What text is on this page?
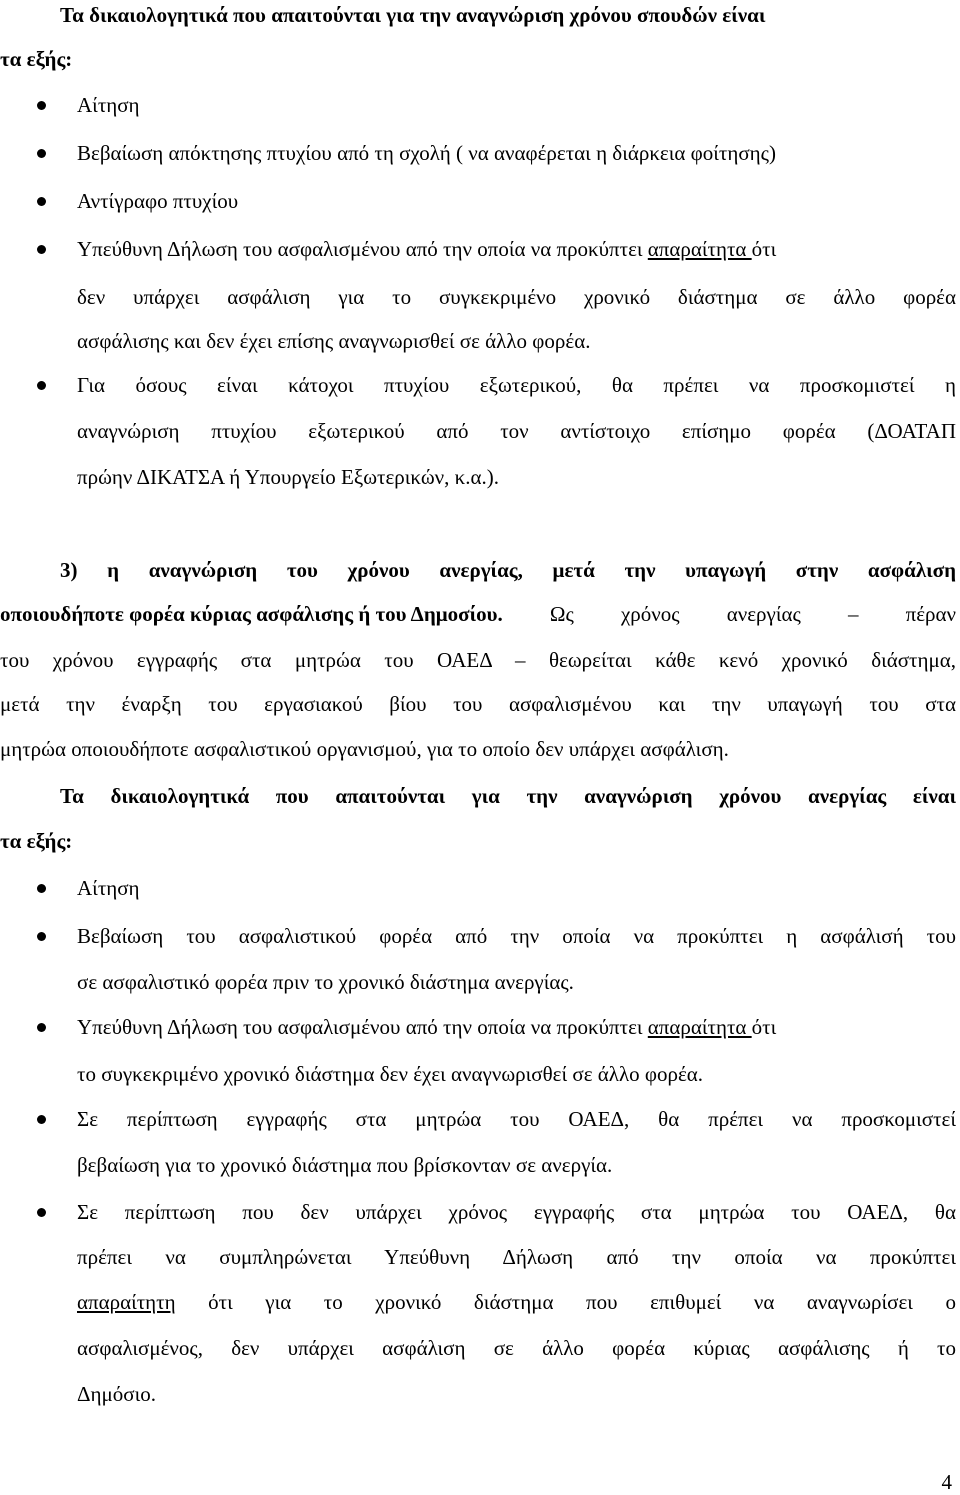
Τα δικαιολογητικά που απαιτούνται για την αναγνώριση χρόνου σπουδών είναι
τα εξής:
Αίτηση
Βεβαίωση απόκτησης πτυχίου από τη σχολή ( να αναφέρεται η διάρκεια φοίτησης)
Αντίγραφο πτυχίου
Υπεύθυνη Δήλωση του ασφαλισμένου από την οποία να προκύπτει απαραίτητα ότι
δεν υπάρχει ασφάλιση για το συγκεκριμένο χρονικό διάστημα σε άλλο φορέα
ασφάλισης και δεν έχει επίσης αναγνωρισθεί σε άλλο φορέα.
Για όσους είναι κάτοχοι πτυχίου εξωτερικού, θα πρέπει να προσκομιστεί η
αναγνώριση πτυχίου εξωτερικού από τον αντίστοιχο επίσημο φορέα (ΔΟΑΤΑΠ
πρώην ΔΙΚΑΤΣΑ ή Υπουργείο Εξωτερικών, κ.α.).
3) η αναγνώριση του χρόνου ανεργίας, μετά την υπαγωγή στην ασφάλιση
οποιουδήποτε φορέα κύριας ασφάλισης ή του Δημοσίου. Ως χρόνος ανεργίας – πέραν
του χρόνου εγγραφής στα μητρώα του ΟΑΕΔ – θεωρείται κάθε κενό χρονικό διάστημα,
μετά την έναρξη του εργασιακού βίου του ασφαλισμένου και την υπαγωγή του στα
μητρώα οποιουδήποτε ασφαλιστικού οργανισμού, για το οποίο δεν υπάρχει ασφάλιση.
Τα δικαιολογητικά που απαιτούνται για την αναγνώριση χρόνου ανεργίας είναι
τα εξής:
Αίτηση
Βεβαίωση του ασφαλιστικού φορέα από την οποία να προκύπτει η ασφάλισή του
σε ασφαλιστικό φορέα πριν το χρονικό διάστημα ανεργίας.
Υπεύθυνη Δήλωση του ασφαλισμένου από την οποία να προκύπτει απαραίτητα ότι
το συγκεκριμένο χρονικό διάστημα δεν έχει αναγνωρισθεί σε άλλο φορέα.
Σε περίπτωση εγγραφής στα μητρώα του ΟΑΕΔ, θα πρέπει να προσκομιστεί
βεβαίωση για το χρονικό διάστημα που βρίσκονταν σε ανεργία.
Σε περίπτωση που δεν υπάρχει χρόνος εγγραφής στα μητρώα του ΟΑΕΔ, θα
πρέπει να συμπληρώνεται Υπεύθυνη Δήλωση από την οποία να προκύπτει
απαραίτητη ότι για το χρονικό διάστημα που επιθυμεί να αναγνωρίσει ο
ασφαλισμένος, δεν υπάρχει ασφάλιση σε άλλο φορέα κύριας ασφάλισης ή το
Δημόσιο.
4
